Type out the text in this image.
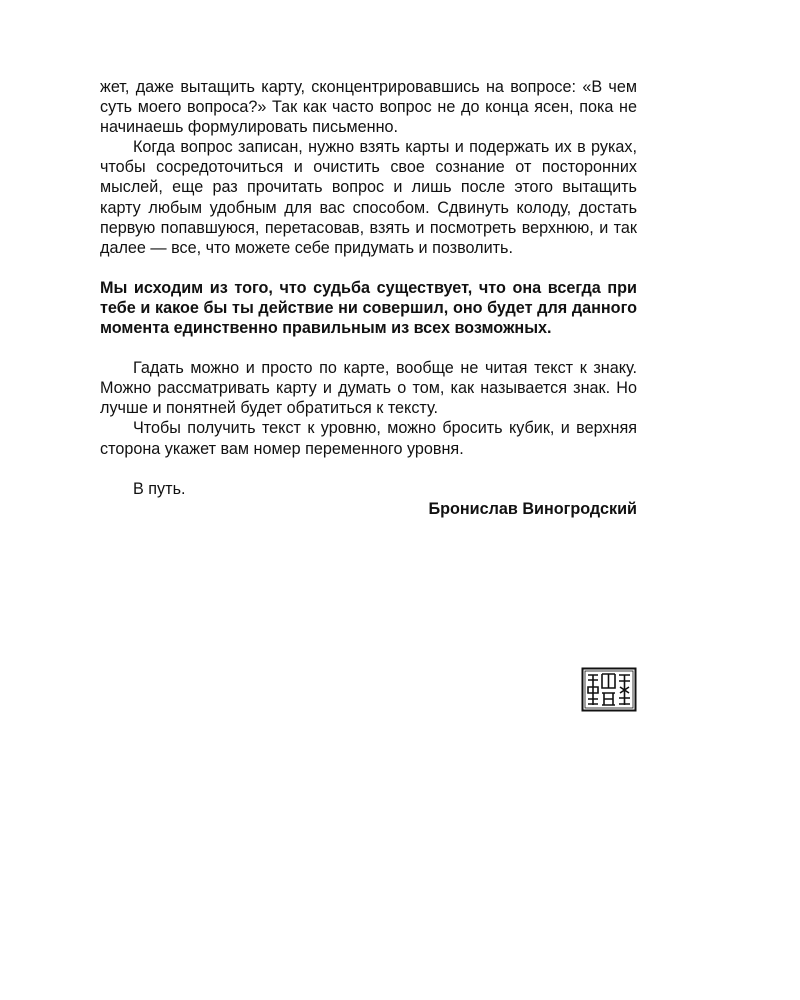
жет, даже вытащить карту, сконцентрировавшись на вопросе: «В чем суть моего вопроса?» Так как часто вопрос не до конца ясен, пока не начинаешь формулировать письменно.

Когда вопрос записан, нужно взять карты и подержать их в руках, чтобы сосредоточиться и очистить свое сознание от посторонних мыслей, еще раз прочитать вопрос и лишь после этого вытащить карту любым удобным для вас способом. Сдвинуть колоду, достать первую попавшуюся, перетасовав, взять и посмотреть верхнюю, и так далее — все, что можете себе придумать и позволить.

Мы исходим из того, что судьба существует, что она всегда при тебе и какое бы ты действие ни совершил, оно будет для данного момента единственно правильным из всех возможных.

Гадать можно и просто по карте, вообще не читая текст к знаку. Можно рассматривать карту и думать о том, как называется знак. Но лучше и понятней будет обратиться к тексту.

Чтобы получить текст к уровню, можно бросить кубик, и верхняя сторона укажет вам номер переменного уровня.

В путь.

Бронислав Виногродский
